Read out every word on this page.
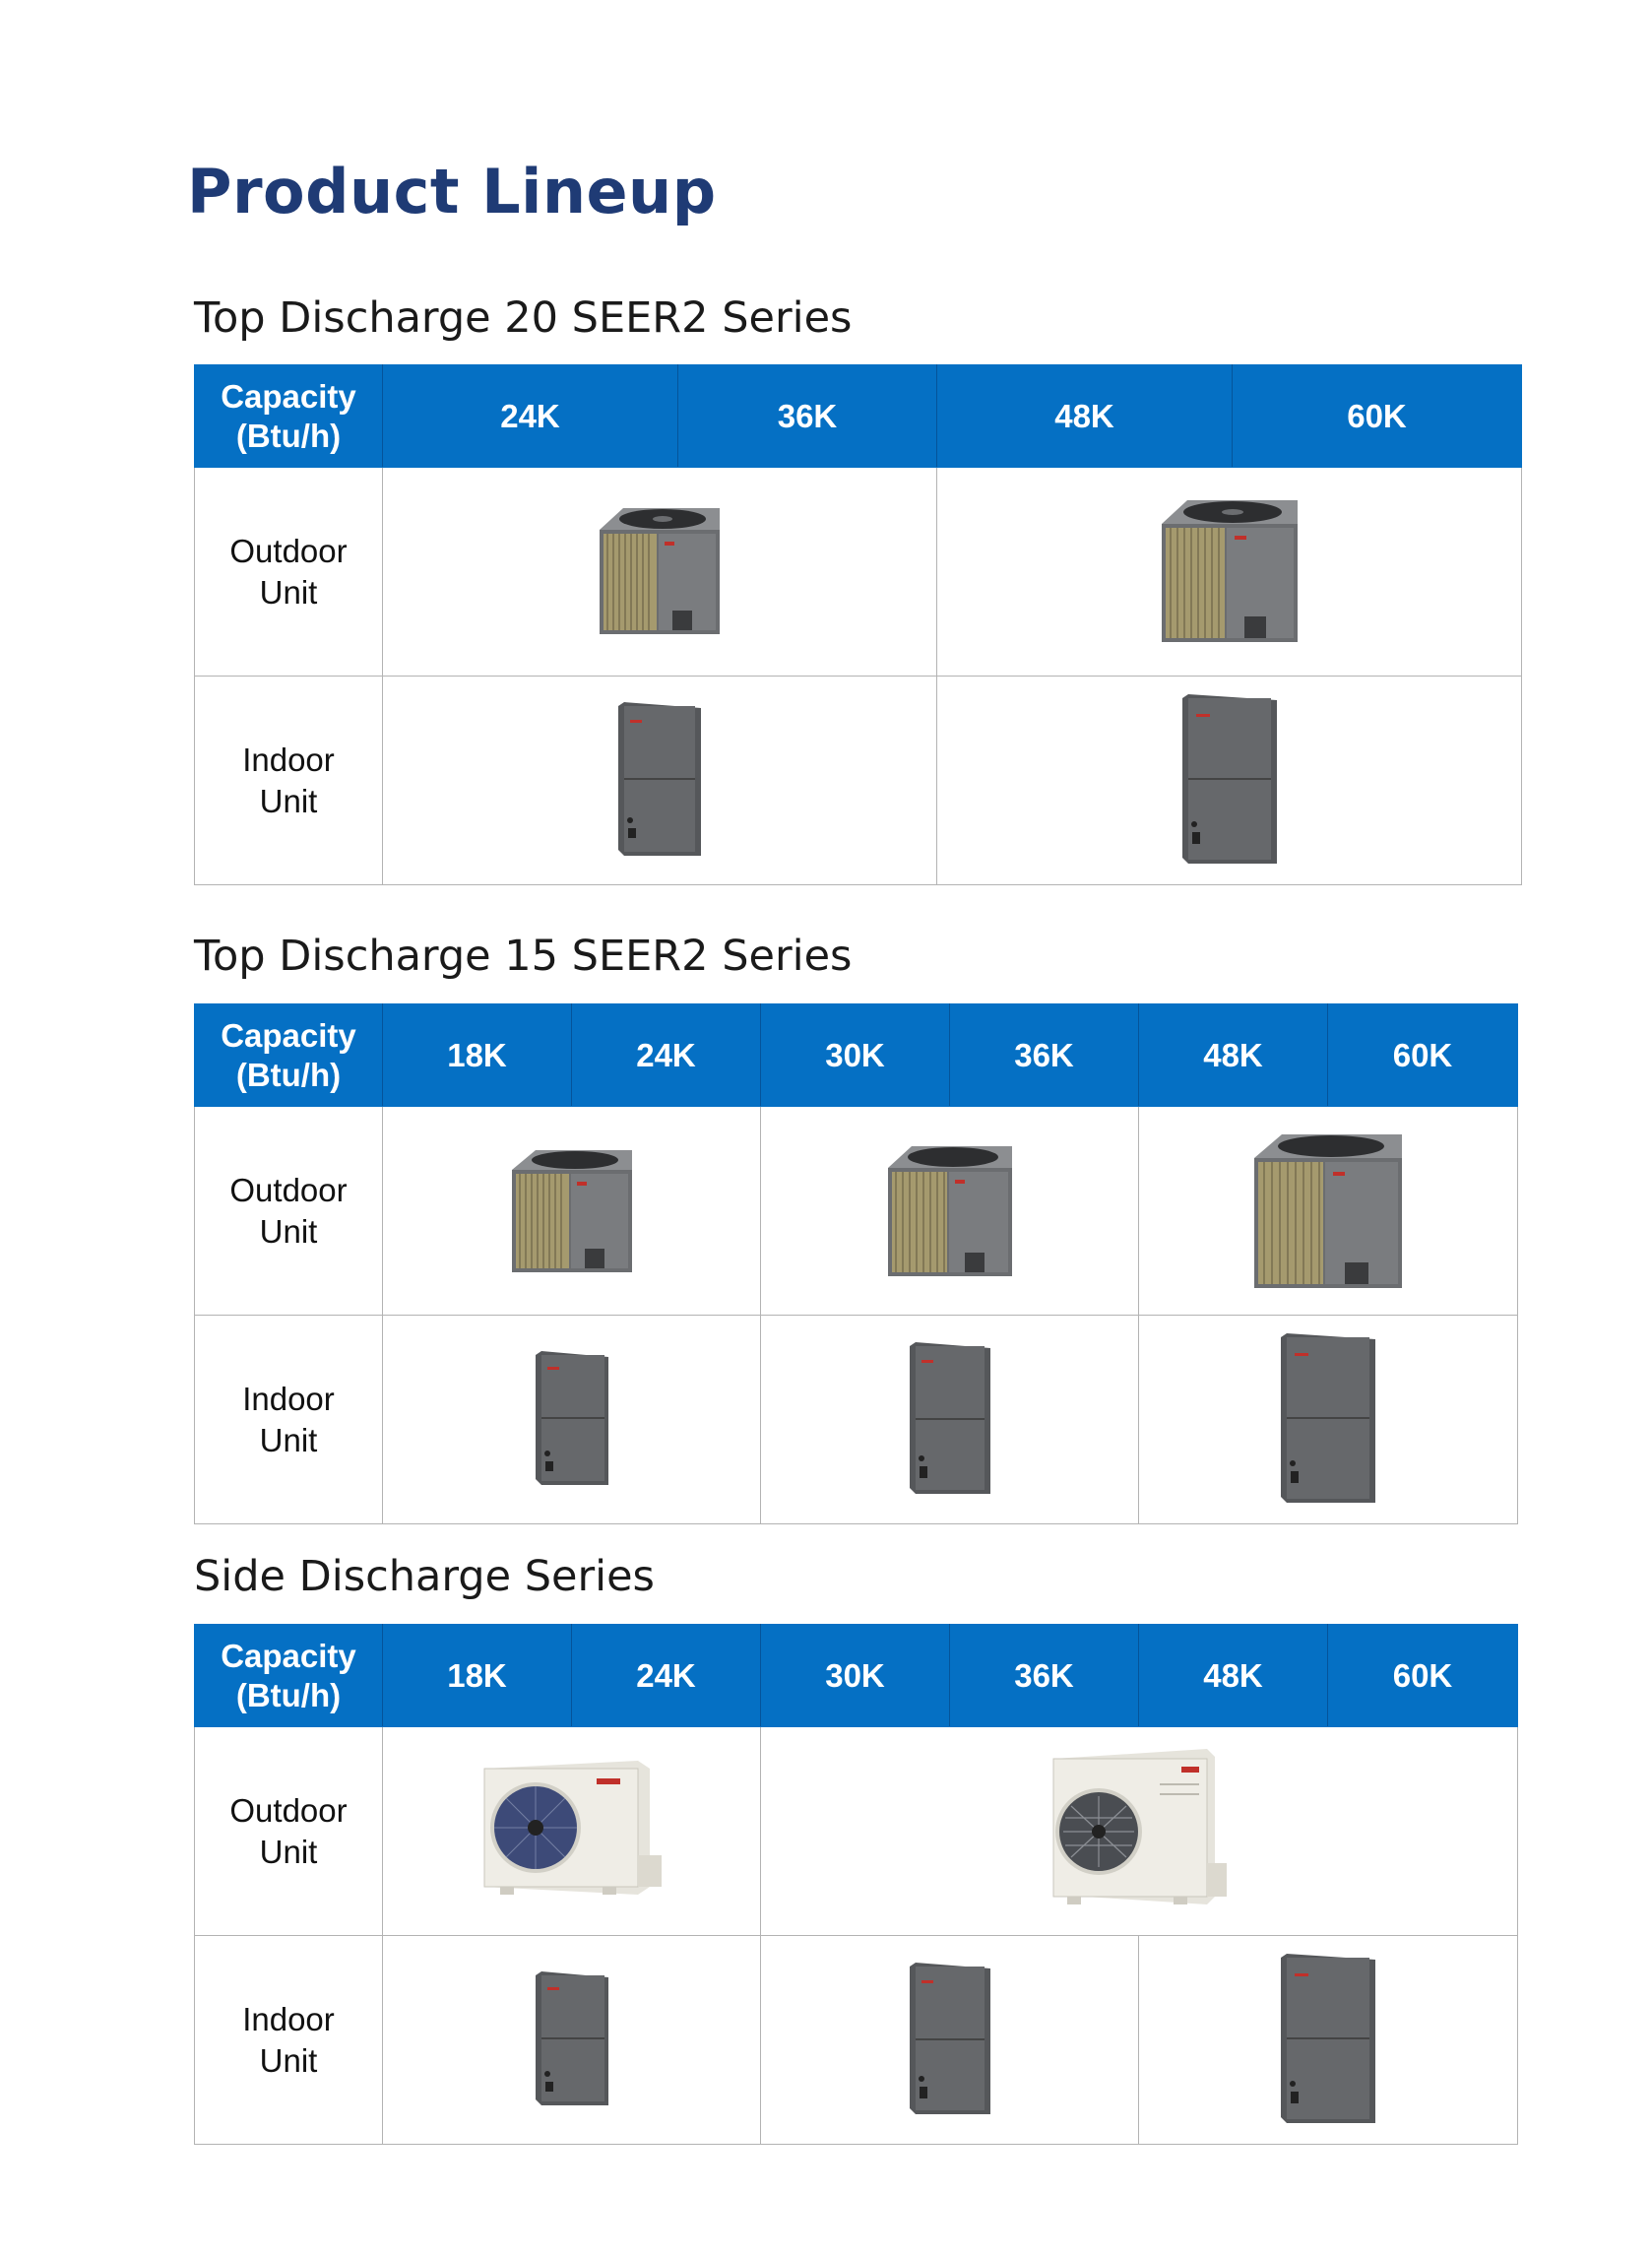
Product Lineup
Top Discharge 20 SEER2 Series
Capacity
(Btu/h)	24K	36K	48K	60K
Outdoor
Unit	

Indoor
Unit		
Top Discharge 15 SEER2 Series
Capacity
(Btu/h)	18K	24K	30K	36K	48K	60K
Outdoor
Unit	

Indoor
Unit			
Side Discharge Series
Capacity
(Btu/h)	18K	24K	30K	36K	48K	60K
Outdoor
Unit		
Indoor
Unit			
